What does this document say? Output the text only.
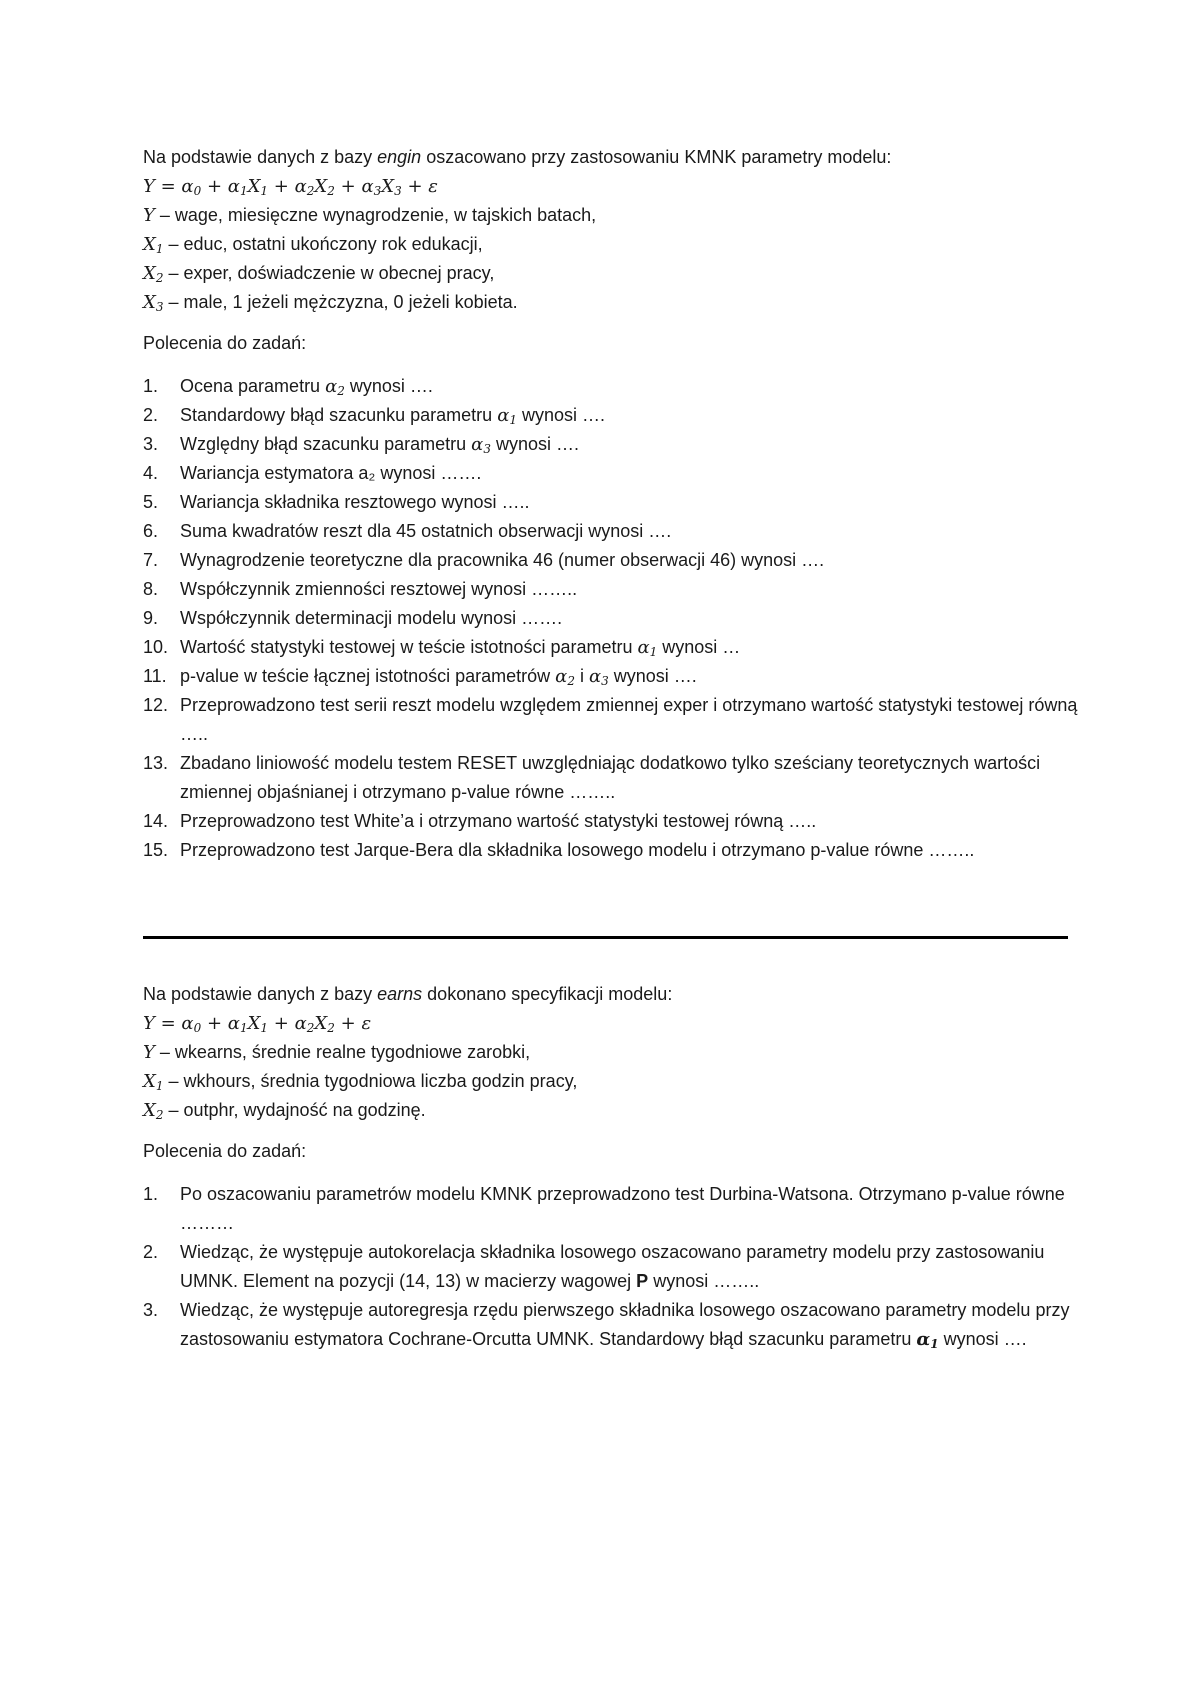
Na podstawie danych z bazy engin oszacowano przy zastosowaniu KMNK parametry modelu:
$Y = \alpha_0 + \alpha_1X_1 + \alpha_2X_2 + \alpha_3X_3 + \varepsilon$
Y – wage, miesięczne wynagrodzenie, w tajskich batach,
$X_1$ – educ, ostatni ukończony rok edukacji,
$X_2$ – exper, doświadczenie w obecnej pracy,
$X_3$ – male, 1 jeżeli mężczyzna, 0 jeżeli kobieta.
Polecenia do zadań:
1.	Ocena parametru $\alpha_2$ wynosi ….
2.	Standardowy błąd szacunku parametru $\alpha_1$ wynosi ….
3.	Względny błąd szacunku parametru $\alpha_3$ wynosi ….
4.	Wariancja estymatora a₂ wynosi …….
5.	Wariancja składnika resztowego wynosi …..
6.	Suma kwadratów reszt dla 45 ostatnich obserwacji wynosi ….
7.	Wynagrodzenie teoretyczne dla pracownika 46 (numer obserwacji 46) wynosi ….
8.	Współczynnik zmienności resztowej wynosi ……..
9.	Współczynnik determinacji modelu wynosi …….
10. Wartość statystyki testowej w teście istotności parametru $\alpha_1$ wynosi …
11. p-value w teście łącznej istotności parametrów $\alpha_2$ i $\alpha_3$ wynosi ….
12. Przeprowadzono test serii reszt modelu względem zmiennej exper i otrzymano wartość statystyki testowej równą …..
13. Zbadano liniowość modelu testem RESET uwzględniając dodatkowo tylko sześciany teoretycznych wartości zmiennej objaśnianej i otrzymano p-value równe ……..
14. Przeprowadzono test White’a i otrzymano wartość statystyki testowej równą …..
15. Przeprowadzono test Jarque-Bera dla składnika losowego modelu i otrzymano p-value równe ……..
Na podstawie danych z bazy earns dokonano specyfikacji modelu:
$Y = \alpha_0 + \alpha_1X_1 + \alpha_2X_2 + \varepsilon$
Y – wkearns, średnie realne tygodniowe zarobki,
$X_1$ – wkhours, średnia tygodniowa liczba godzin pracy,
$X_2$ – outphr, wydajność na godzinę.
Polecenia do zadań:
1.	Po oszacowaniu parametrów modelu KMNK przeprowadzono test Durbina-Watsona. Otrzymano p-value równe ………
2.	Wiedząc, że występuje autokorelacja składnika losowego oszacowano parametry modelu przy zastosowaniu UMNK. Element na pozycji (14, 13) w macierzy wagowej P wynosi ……..
3.	Wiedząc, że występuje autoregresja rzędu pierwszego składnika losowego oszacowano parametry modelu przy zastosowaniu estymatora Cochrane-Orcutta UMNK. Standardowy błąd szacunku parametru $\alpha_1$ wynosi ….
